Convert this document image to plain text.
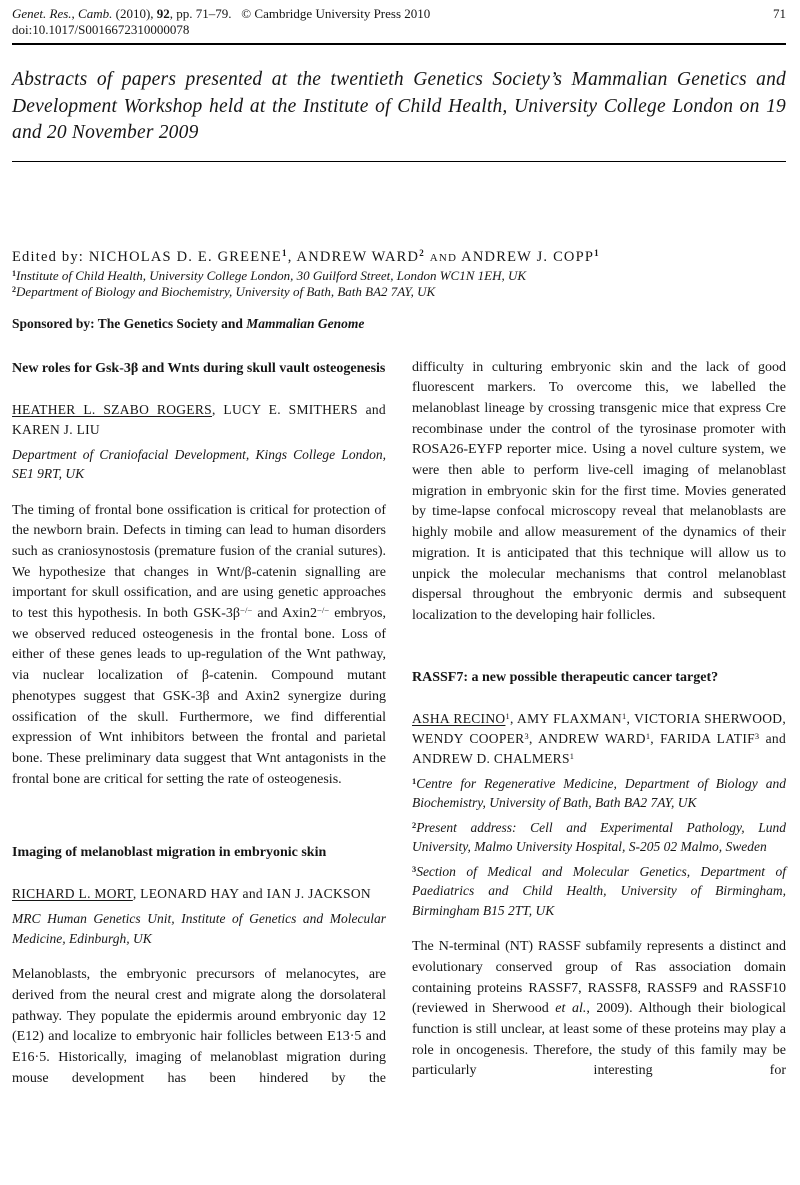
Genet. Res., Camb. (2010), 92, pp. 71–79.   © Cambridge University Press 2010	71
doi:10.1017/S0016672310000078
Abstracts of papers presented at the twentieth Genetics Society’s Mammalian Genetics and Development Workshop held at the Institute of Child Health, University College London on 19 and 20 November 2009
Edited by: NICHOLAS D. E. GREENE$^1$, ANDREW WARD$^2$ AND ANDREW J. COPP$^1$
$^1$Institute of Child Health, University College London, 30 Guilford Street, London WC1N 1EH, UK
$^2$Department of Biology and Biochemistry, University of Bath, Bath BA2 7AY, UK
Sponsored by: The Genetics Society and Mammalian Genome
New roles for Gsk-3β and Wnts during skull vault osteogenesis
HEATHER L. SZABO ROGERS, LUCY E. SMITHERS and KAREN J. LIU
Department of Craniofacial Development, Kings College London, SE1 9RT, UK

The timing of frontal bone ossification is critical for protection of the newborn brain. Defects in timing can lead to human disorders such as craniosynostosis (premature fusion of the cranial sutures). We hypothesize that changes in Wnt/β-catenin signalling are important for skull ossification, and are using genetic approaches to test this hypothesis. In both GSK-3β−/− and Axin2−/− embryos, we observed reduced osteogenesis in the frontal bone. Loss of either of these genes leads to up-regulation of the Wnt pathway, via nuclear localization of β-catenin. Compound mutant phenotypes suggest that GSK-3β and Axin2 synergize during ossification of the skull. Furthermore, we find differential expression of Wnt inhibitors between the frontal and parietal bone. These preliminary data suggest that Wnt antagonists in the frontal bone are critical for setting the rate of osteogenesis.

Imaging of melanoblast migration in embryonic skin
RICHARD L. MORT, LEONARD HAY and IAN J. JACKSON
MRC Human Genetics Unit, Institute of Genetics and Molecular Medicine, Edinburgh, UK

Melanoblasts, the embryonic precursors of melanocytes, are derived from the neural crest and migrate along the dorsolateral pathway. They populate the epidermis around embryonic day 12 (E12) and localize to embryonic hair follicles between E13·5 and E16·5. Historically, imaging of melanoblast migration during mouse development has been hindered by the

difficulty in culturing embryonic skin and the lack of good fluorescent markers. To overcome this, we labelled the melanoblast lineage by crossing transgenic mice that express Cre recombinase under the control of the tyrosinase promoter with ROSA26-EYFP reporter mice. Using a novel culture system, we were then able to perform live-cell imaging of melanoblast migration in embryonic skin for the first time. Movies generated by time-lapse confocal microscopy reveal that melanoblasts are highly mobile and allow measurement of the dynamics of their migration. It is anticipated that this technique will allow us to unpick the molecular mechanisms that control melanoblast dispersal throughout the embryonic dermis and subsequent localization to the developing hair follicles.

RASSF7: a new possible therapeutic cancer target?
ASHA RECINO$^1$, AMY FLAXMAN$^1$, VICTORIA SHERWOOD, WENDY COOPER$^3$, ANDREW WARD$^1$, FARIDA LATIF$^3$ and ANDREW D. CHALMERS$^1$
$^1$Centre for Regenerative Medicine, Department of Biology and Biochemistry, University of Bath, Bath BA2 7AY, UK
$^2$Present address: Cell and Experimental Pathology, Lund University, Malmo University Hospital, S-205 02 Malmo, Sweden
$^3$Section of Medical and Molecular Genetics, Department of Paediatrics and Child Health, University of Birmingham, Birmingham B15 2TT, UK

The N-terminal (NT) RASSF subfamily represents a distinct and evolutionary conserved group of Ras association domain containing proteins RASSF7, RASSF8, RASSF9 and RASSF10 (reviewed in Sherwood et al., 2009). Although their biological function is still unclear, at least some of these proteins may play a role in oncogenesis. Therefore, the study of this family may be particularly interesting for
